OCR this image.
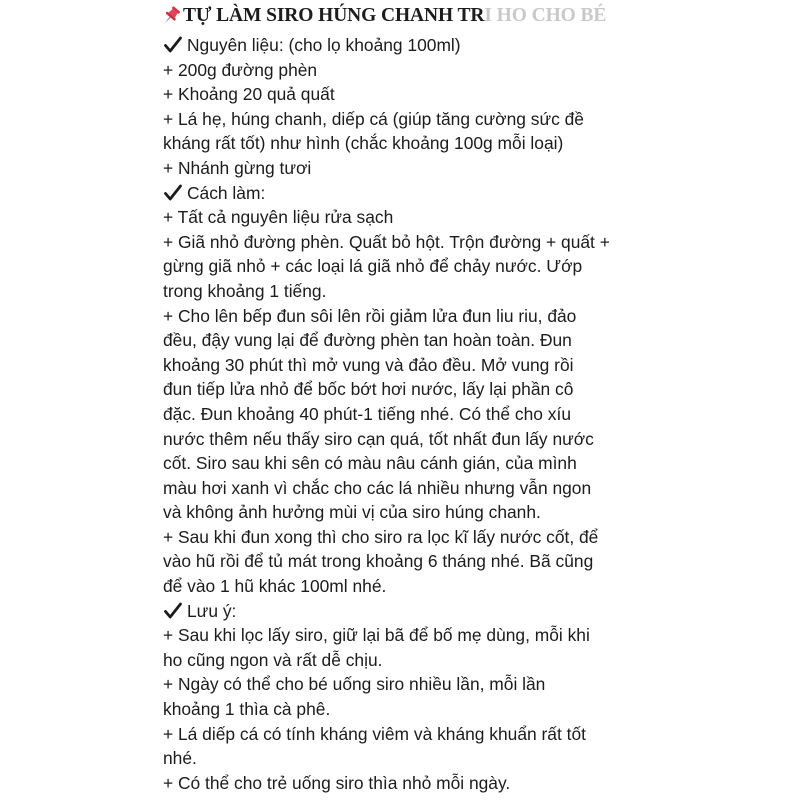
TỰ LÀM SIRO HÚNG CHANH TR I HO CHO BÉ
Nguyên liệu: (cho lọ khoảng 100ml)
+ 200g đường phèn
+ Khoảng 20 quả quất
+ Lá hẹ, húng chanh, diếp cá (giúp tăng cường sức đề
kháng rất tốt) như hình (chắc khoảng 100g mỗi loại)
+ Nhánh gừng tươi
Cách làm:
+ Tất cả nguyên liệu rửa sạch
+ Giã nhỏ đường phèn. Quất bỏ hột. Trộn đường + quất +
gừng giã nhỏ + các loại lá giã nhỏ để chảy nước. Ướp
trong khoảng 1 tiếng.
+ Cho lên bếp đun sôi lên rồi giảm lửa đun liu riu, đảo
đều, đậy vung lại để đường phèn tan hoàn toàn. Đun
khoảng 30 phút thì mở vung và đảo đều. Mở vung rồi
đun tiếp lửa nhỏ để bốc bớt hơi nước, lấy lại phần cô
đặc. Đun khoảng 40 phút-1 tiếng nhé. Có thể cho xíu
nước thêm nếu thấy siro cạn quá, tốt nhất đun lấy nước
cốt. Siro sau khi sên có màu nâu cánh gián, của mình
màu hơi xanh vì chắc cho các lá nhiều nhưng vẫn ngon
và không ảnh hưởng mùi vị của siro húng chanh.
+ Sau khi đun xong thì cho siro ra lọc kĩ lấy nước cốt, để
vào hũ rồi để tủ mát trong khoảng 6 tháng nhé. Bã cũng
để vào 1 hũ khác 100ml nhé.
Lưu ý:
+ Sau khi lọc lấy siro, giữ lại bã để bố mẹ dùng, mỗi khi
ho cũng ngon và rất dễ chịu.
+ Ngày có thể cho bé uống siro nhiều lần, mỗi lần
khoảng 1 thìa cà phê.
+ Lá diếp cá có tính kháng viêm và kháng khuẩn rất tốt
nhé.
+ Có thể cho trẻ uống siro thìa nhỏ mỗi ngày.
